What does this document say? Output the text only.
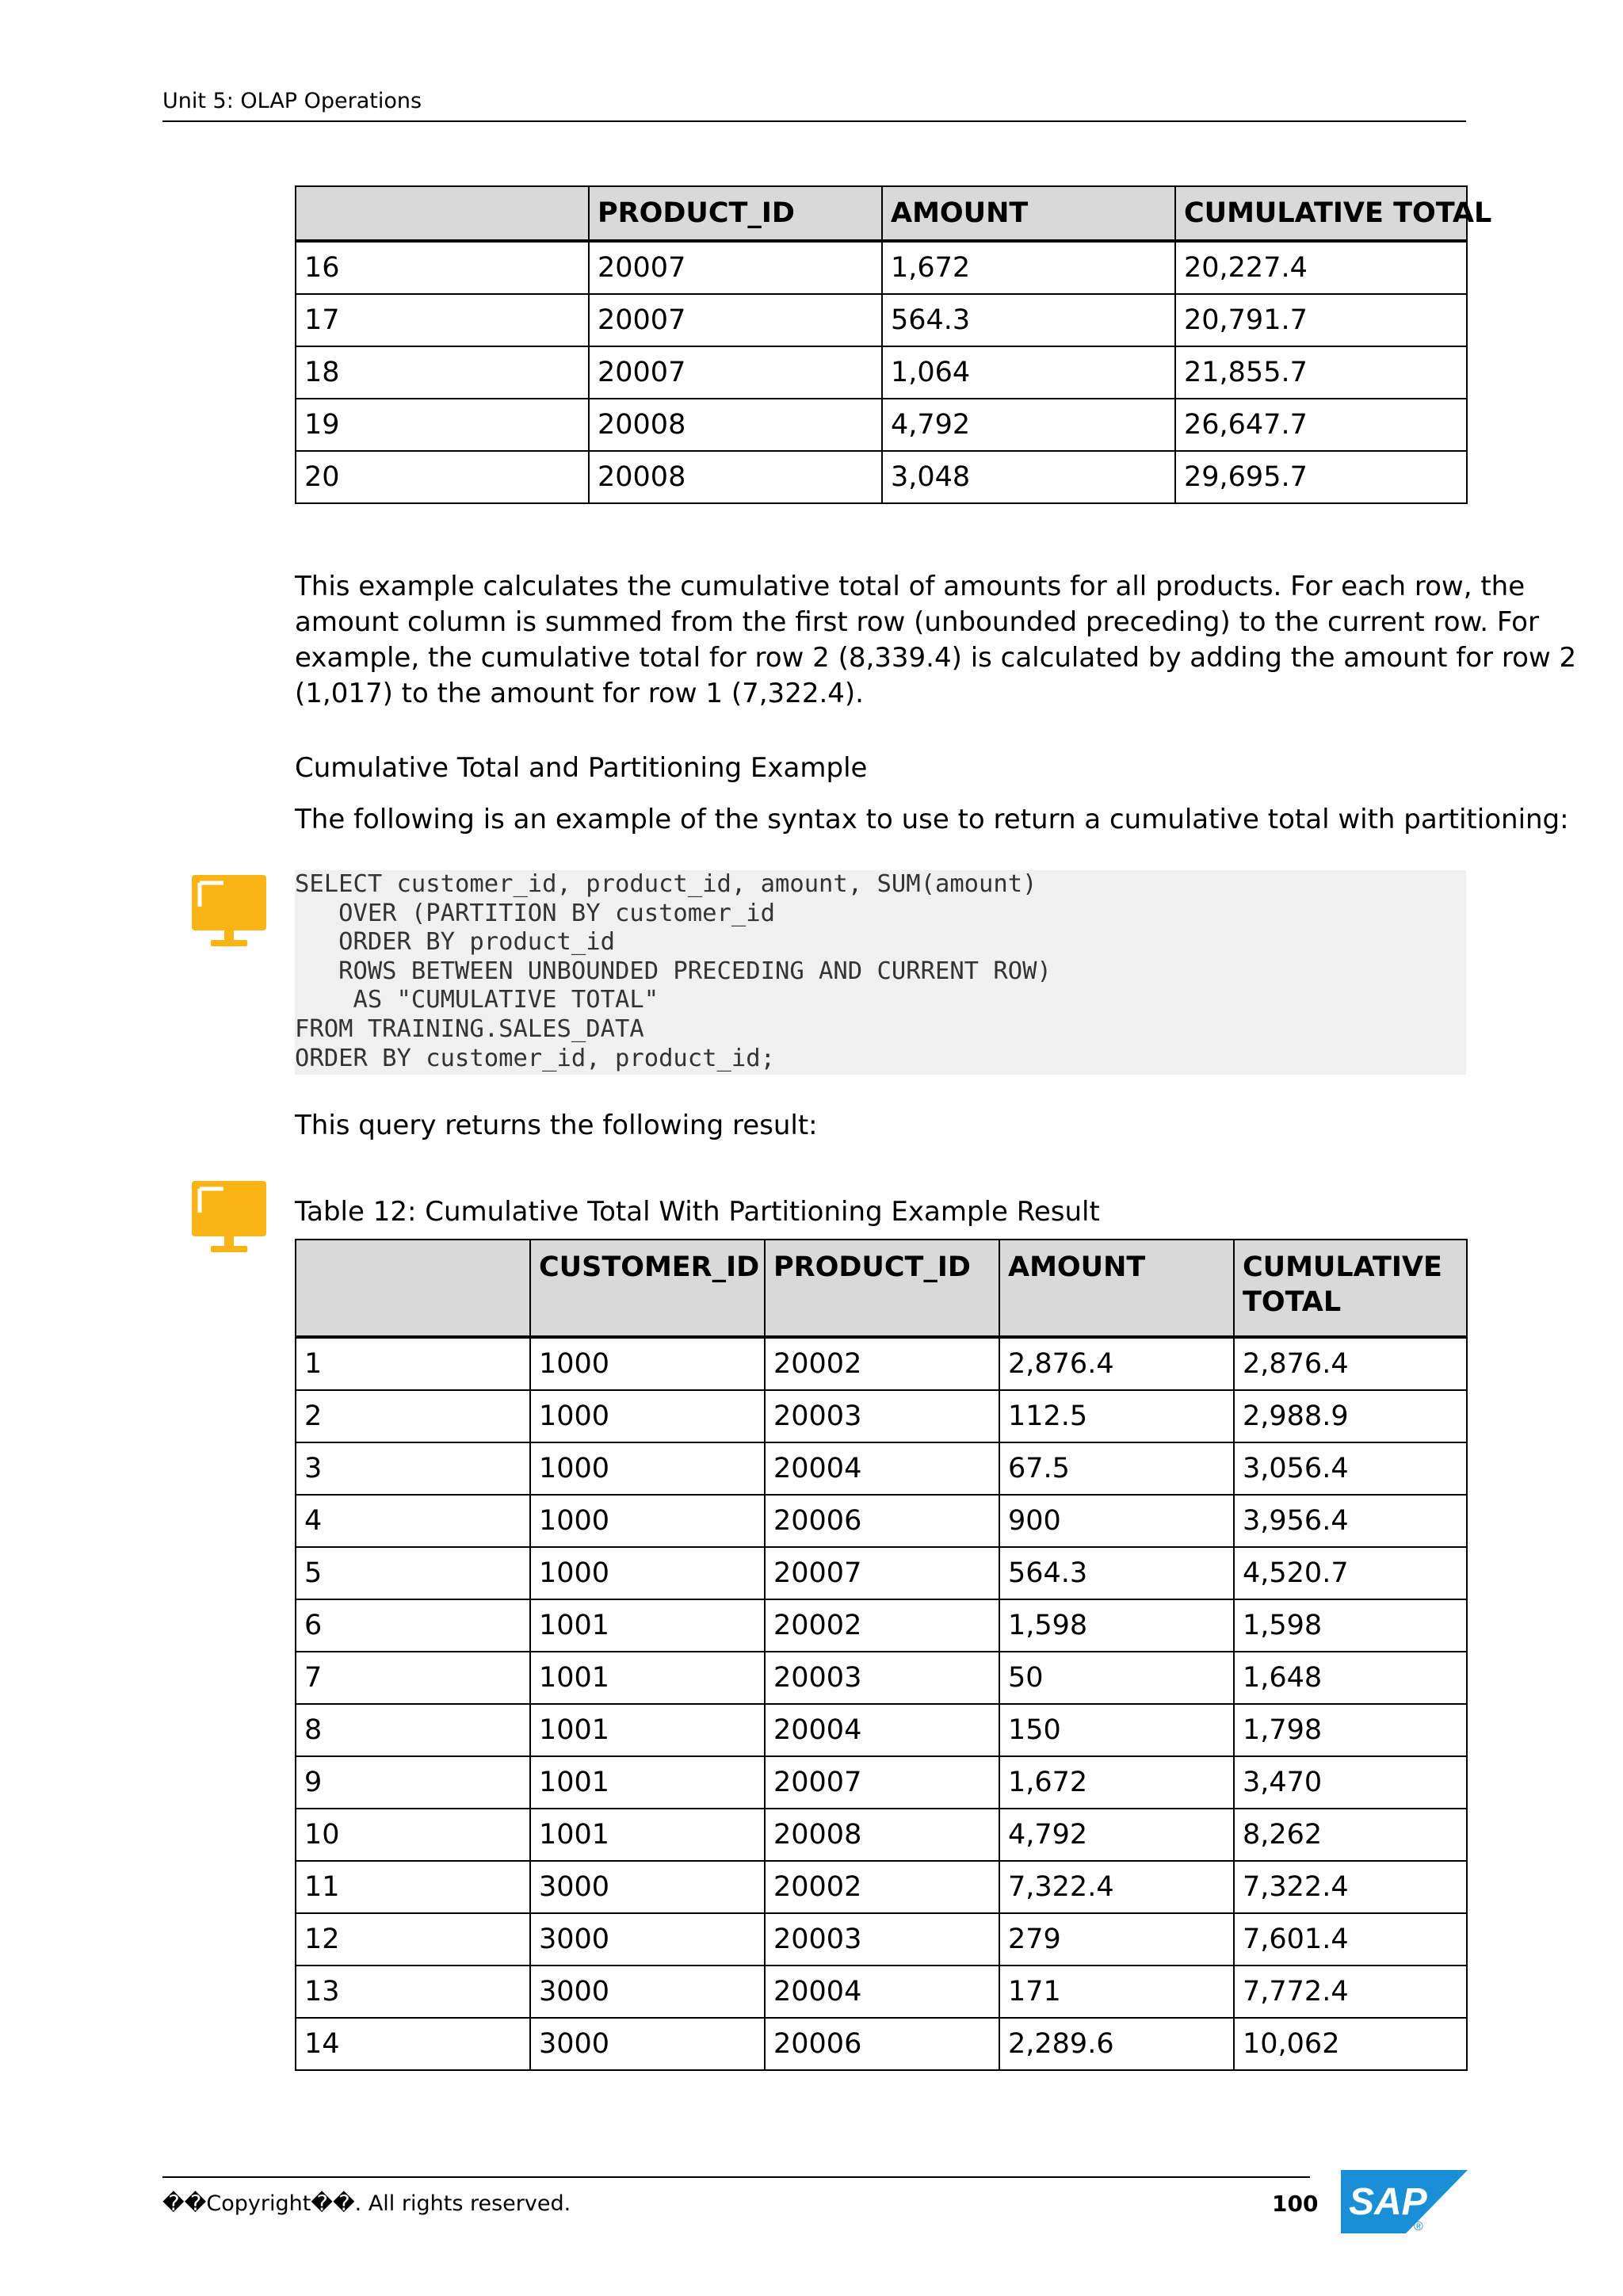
Unit 5: OLAP Operations
	PRODUCT_ID	AMOUNT	CUMULATIVE TOTAL
16	20007	1,672	20,227.4
17	20007	564.3	20,791.7
18	20007	1,064	21,855.7
19	20008	4,792	26,647.7
20	20008	3,048	29,695.7
This example calculates the cumulative total of amounts for all products. For each row, the amount column is summed from the first row (unbounded preceding) to the current row. For example, the cumulative total for row 2 (8,339.4) is calculated by adding the amount for row 2 (1,017) to the amount for row 1 (7,322.4).
Cumulative Total and Partitioning Example
The following is an example of the syntax to use to return a cumulative total with partitioning:
SELECT customer_id, product_id, amount, SUM(amount)
OVER (PARTITION BY customer_id
ORDER BY product_id
ROWS BETWEEN UNBOUNDED PRECEDING AND CURRENT ROW)
AS "CUMULATIVE TOTAL"
FROM TRAINING.SALES_DATA
ORDER BY customer_id, product_id;
This query returns the following result:
Table 12: Cumulative Total With Partitioning Example Result
	CUSTOMER_ID	PRODUCT_ID	AMOUNT	CUMULATIVE TOTAL
1	1000	20002	2,876.4	2,876.4
2	1000	20003	112.5	2,988.9
3	1000	20004	67.5	3,056.4
4	1000	20006	900	3,956.4
5	1000	20007	564.3	4,520.7
6	1001	20002	1,598	1,598
7	1001	20003	50	1,648
8	1001	20004	150	1,798
9	1001	20007	1,672	3,470
10	1001	20008	4,792	8,262
11	3000	20002	7,322.4	7,322.4
12	3000	20003	279	7,601.4
13	3000	20004	171	7,772.4
14	3000	20006	2,289.6	10,062
��Copyright��. All rights reserved.	100 SAP
®
